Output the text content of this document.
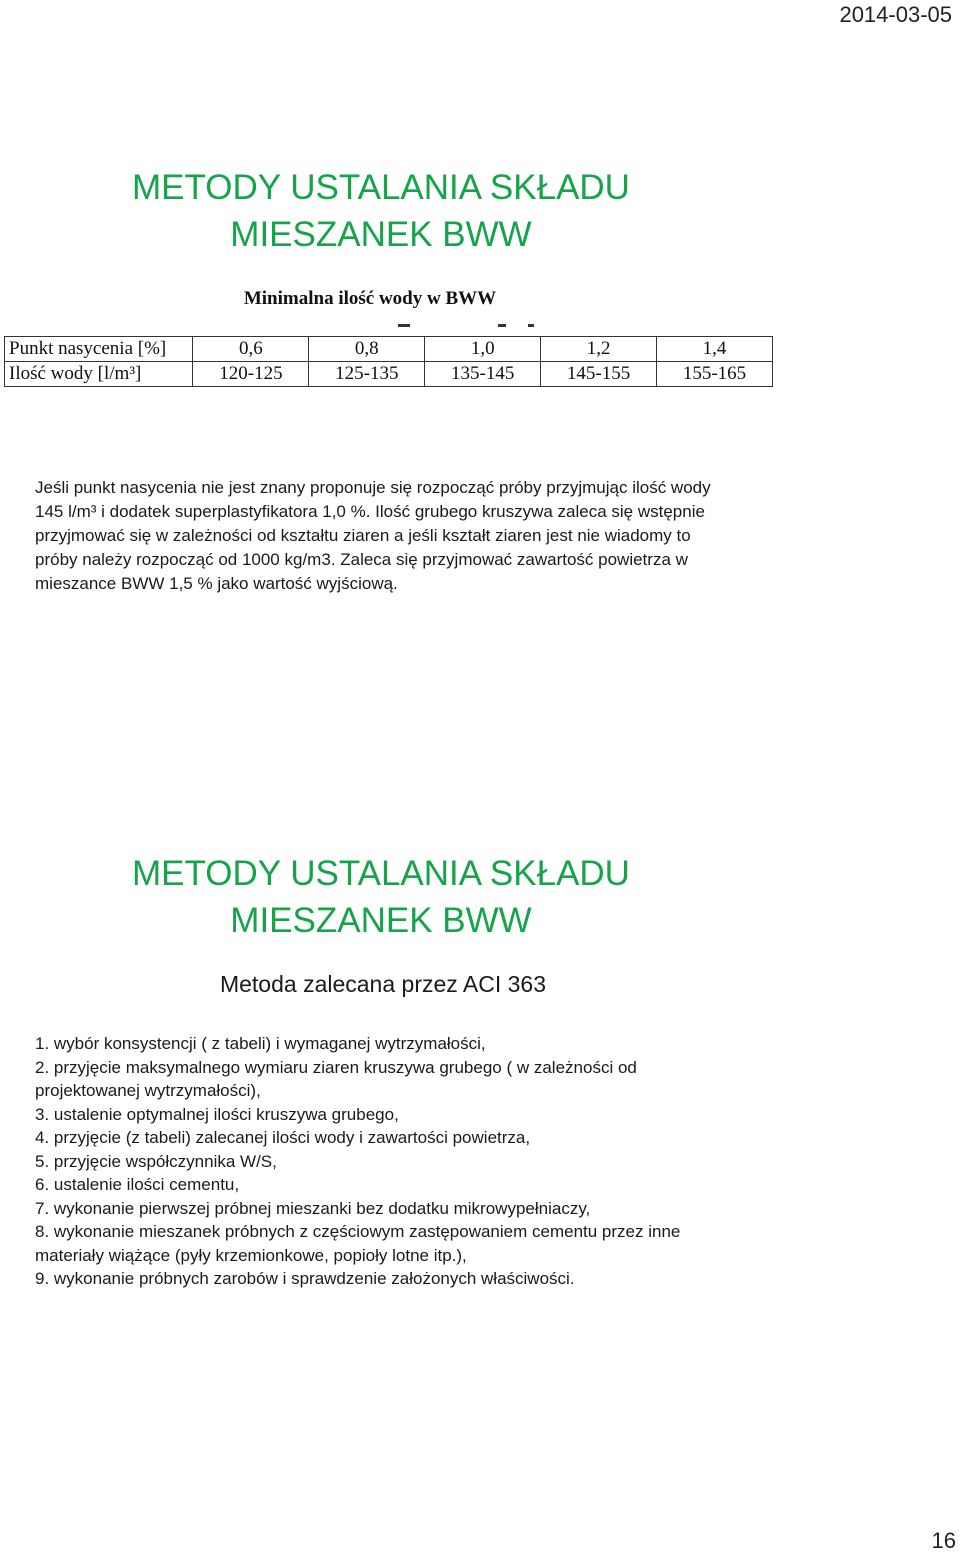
2014-03-05
METODY USTALANIA SKŁADU
MIESZANEK BWW
Minimalna ilość wody w BWW
Punkt nasycenia [%]	0,6	0,8	1,0	1,2	1,4
Ilość wody [l/m³]	120-125	125-135	135-145	145-155	155-165
Jeśli punkt nasycenia nie jest znany proponuje się rozpocząć próby przyjmując ilość wody 145 l/m³ i dodatek superplastyfikatora 1,0 %. Ilość grubego kruszywa zaleca się wstępnie przyjmować się w zależności od kształtu ziaren a jeśli kształt ziaren jest nie wiadomy to próby należy rozpocząć od 1000 kg/m3. Zaleca się przyjmować zawartość powietrza w mieszance BWW 1,5 % jako wartość wyjściową.
METODY USTALANIA SKŁADU
MIESZANEK BWW
Metoda zalecana przez ACI 363
1. wybór konsystencji ( z tabeli) i wymaganej wytrzymałości,
2. przyjęcie maksymalnego wymiaru ziaren kruszywa grubego ( w zależności od projektowanej wytrzymałości),
3. ustalenie optymalnej ilości kruszywa grubego,
4. przyjęcie (z tabeli) zalecanej ilości wody i zawartości powietrza,
5. przyjęcie współczynnika W/S,
6. ustalenie ilości cementu,
7. wykonanie pierwszej próbnej mieszanki bez dodatku mikrowypełniaczy,
8. wykonanie mieszanek próbnych z częściowym zastępowaniem cementu przez inne materiały wiążące (pyły krzemionkowe, popioły lotne itp.),
9. wykonanie próbnych zarobów i sprawdzenie założonych właściwości.
16
